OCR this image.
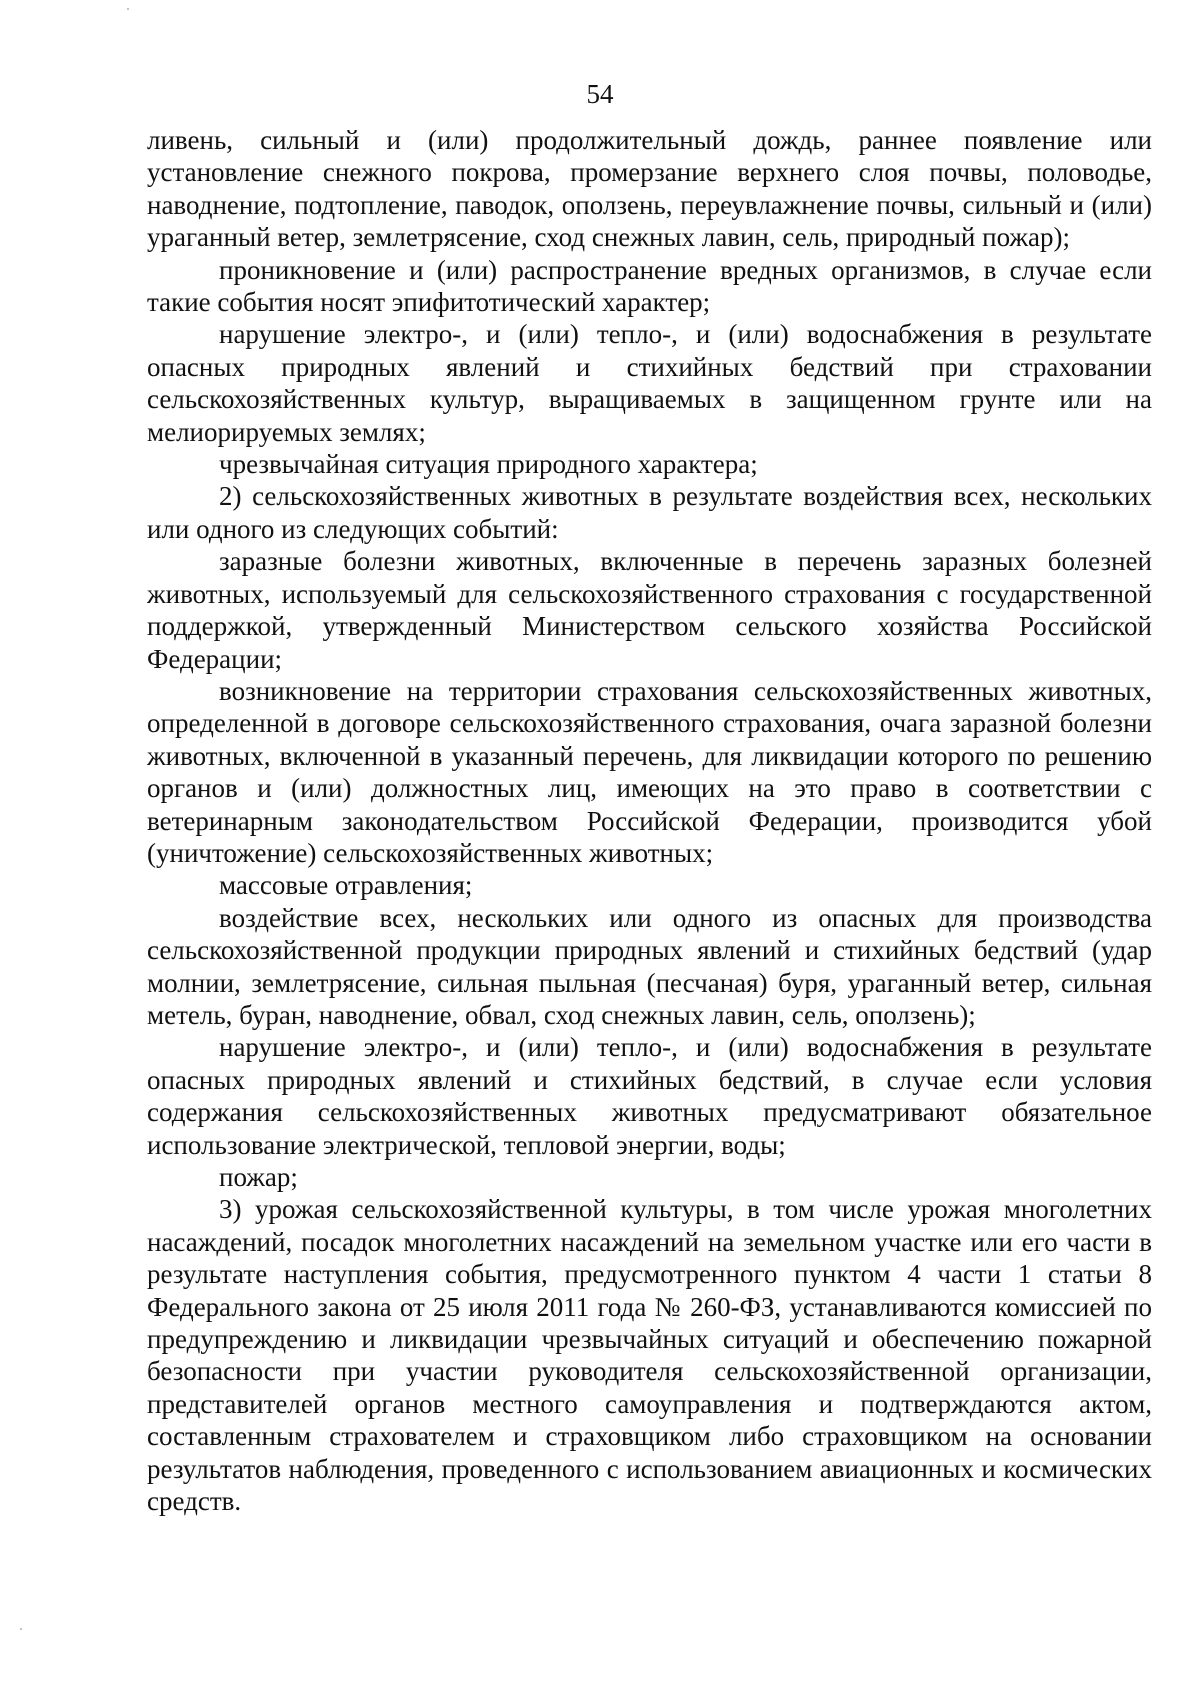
54

ливень, сильный и (или) продолжительный дождь, раннее появление или установление снежного покрова, промерзание верхнего слоя почвы, половодье, наводнение, подтопление, паводок, оползень, переувлажнение почвы, сильный и (или) ураганный ветер, землетрясение, сход снежных лавин, сель, природный пожар);

проникновение и (или) распространение вредных организмов, в случае если такие события носят эпифитотический характер;

нарушение электро-, и (или) тепло-, и (или) водоснабжения в результате опасных природных явлений и стихийных бедствий при страховании сельскохозяйственных культур, выращиваемых в защищенном грунте или на мелиорируемых землях;

чрезвычайная ситуация природного характера;

2) сельскохозяйственных животных в результате воздействия всех, нескольких или одного из следующих событий:

заразные болезни животных, включенные в перечень заразных болезней животных, используемый для сельскохозяйственного страхования с государственной поддержкой, утвержденный Министерством сельского хозяйства Российской Федерации;

возникновение на территории страхования сельскохозяйственных животных, определенной в договоре сельскохозяйственного страхования, очага заразной болезни животных, включенной в указанный перечень, для ликвидации которого по решению органов и (или) должностных лиц, имеющих на это право в соответствии с ветеринарным законодательством Российской Федерации, производится убой (уничтожение) сельскохозяйственных животных;

массовые отравления;

воздействие всех, нескольких или одного из опасных для производства сельскохозяйственной продукции природных явлений и стихийных бедствий (удар молнии, землетрясение, сильная пыльная (песчаная) буря, ураганный ветер, сильная метель, буран, наводнение, обвал, сход снежных лавин, сель, оползень);

нарушение электро-, и (или) тепло-, и (или) водоснабжения в результате опасных природных явлений и стихийных бедствий, в случае если условия содержания сельскохозяйственных животных предусматривают обязательное использование электрической, тепловой энергии, воды;

пожар;

3) урожая сельскохозяйственной культуры, в том числе урожая многолетних насаждений, посадок многолетних насаждений на земельном участке или его части в результате наступления события, предусмотренного пунктом 4 части 1 статьи 8 Федерального закона от 25 июля 2011 года № 260-ФЗ, устанавливаются комиссией по предупреждению и ликвидации чрезвычайных ситуаций и обеспечению пожарной безопасности при участии руководителя сельскохозяйственной организации, представителей органов местного самоуправления и подтверждаются актом, составленным страхователем и страховщиком либо страховщиком на основании результатов наблюдения, проведенного с использованием авиационных и космических средств.
